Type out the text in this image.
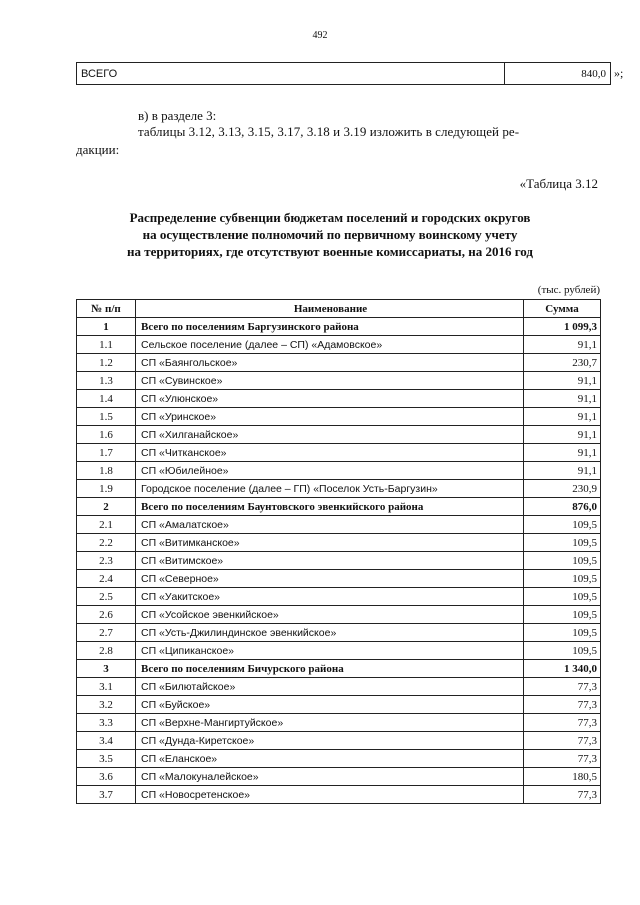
492
ВСЕГО	840,0 »;
в) в разделе 3:
таблицы 3.12, 3.13, 3.15, 3.17, 3.18 и 3.19 изложить в следующей ре-
дакции:
«Таблица 3.12
Распределение субвенции бюджетам поселений и городских округов
на осуществление полномочий по первичному воинскому учету
на территориях, где отсутствуют военные комиссариаты, на 2016 год
(тыс. рублей)
№ п/п	Наименование	Сумма
1	Всего по поселениям Баргузинского района	1 099,3
1.1	Сельское поселение (далее – СП) «Адамовское»	91,1
1.2	СП «Баянгольское»	230,7
1.3	СП «Сувинское»	91,1
1.4	СП «Улюнское»	91,1
1.5	СП «Уринское»	91,1
1.6	СП «Хилганайское»	91,1
1.7	СП «Читканское»	91,1
1.8	СП «Юбилейное»	91,1
1.9	Городское поселение (далее – ГП) «Поселок Усть-Баргузин»	230,9
2	Всего по поселениям Баунтовского эвенкийского района	876,0
2.1	СП «Амалатское»	109,5
2.2	СП «Витимканское»	109,5
2.3	СП «Витимское»	109,5
2.4	СП «Северное»	109,5
2.5	СП «Уакитское»	109,5
2.6	СП «Усойское эвенкийское»	109,5
2.7	СП «Усть-Джилиндинское эвенкийское»	109,5
2.8	СП «Ципиканское»	109,5
3	Всего по поселениям Бичурского района	1 340,0
3.1	СП «Билютайское»	77,3
3.2	СП «Буйское»	77,3
3.3	СП «Верхне-Мангиртуйское»	77,3
3.4	СП «Дунда-Киретское»	77,3
3.5	СП «Еланское»	77,3
3.6	СП «Малокуналейское»	180,5
3.7	СП «Новосретенское»	77,3
